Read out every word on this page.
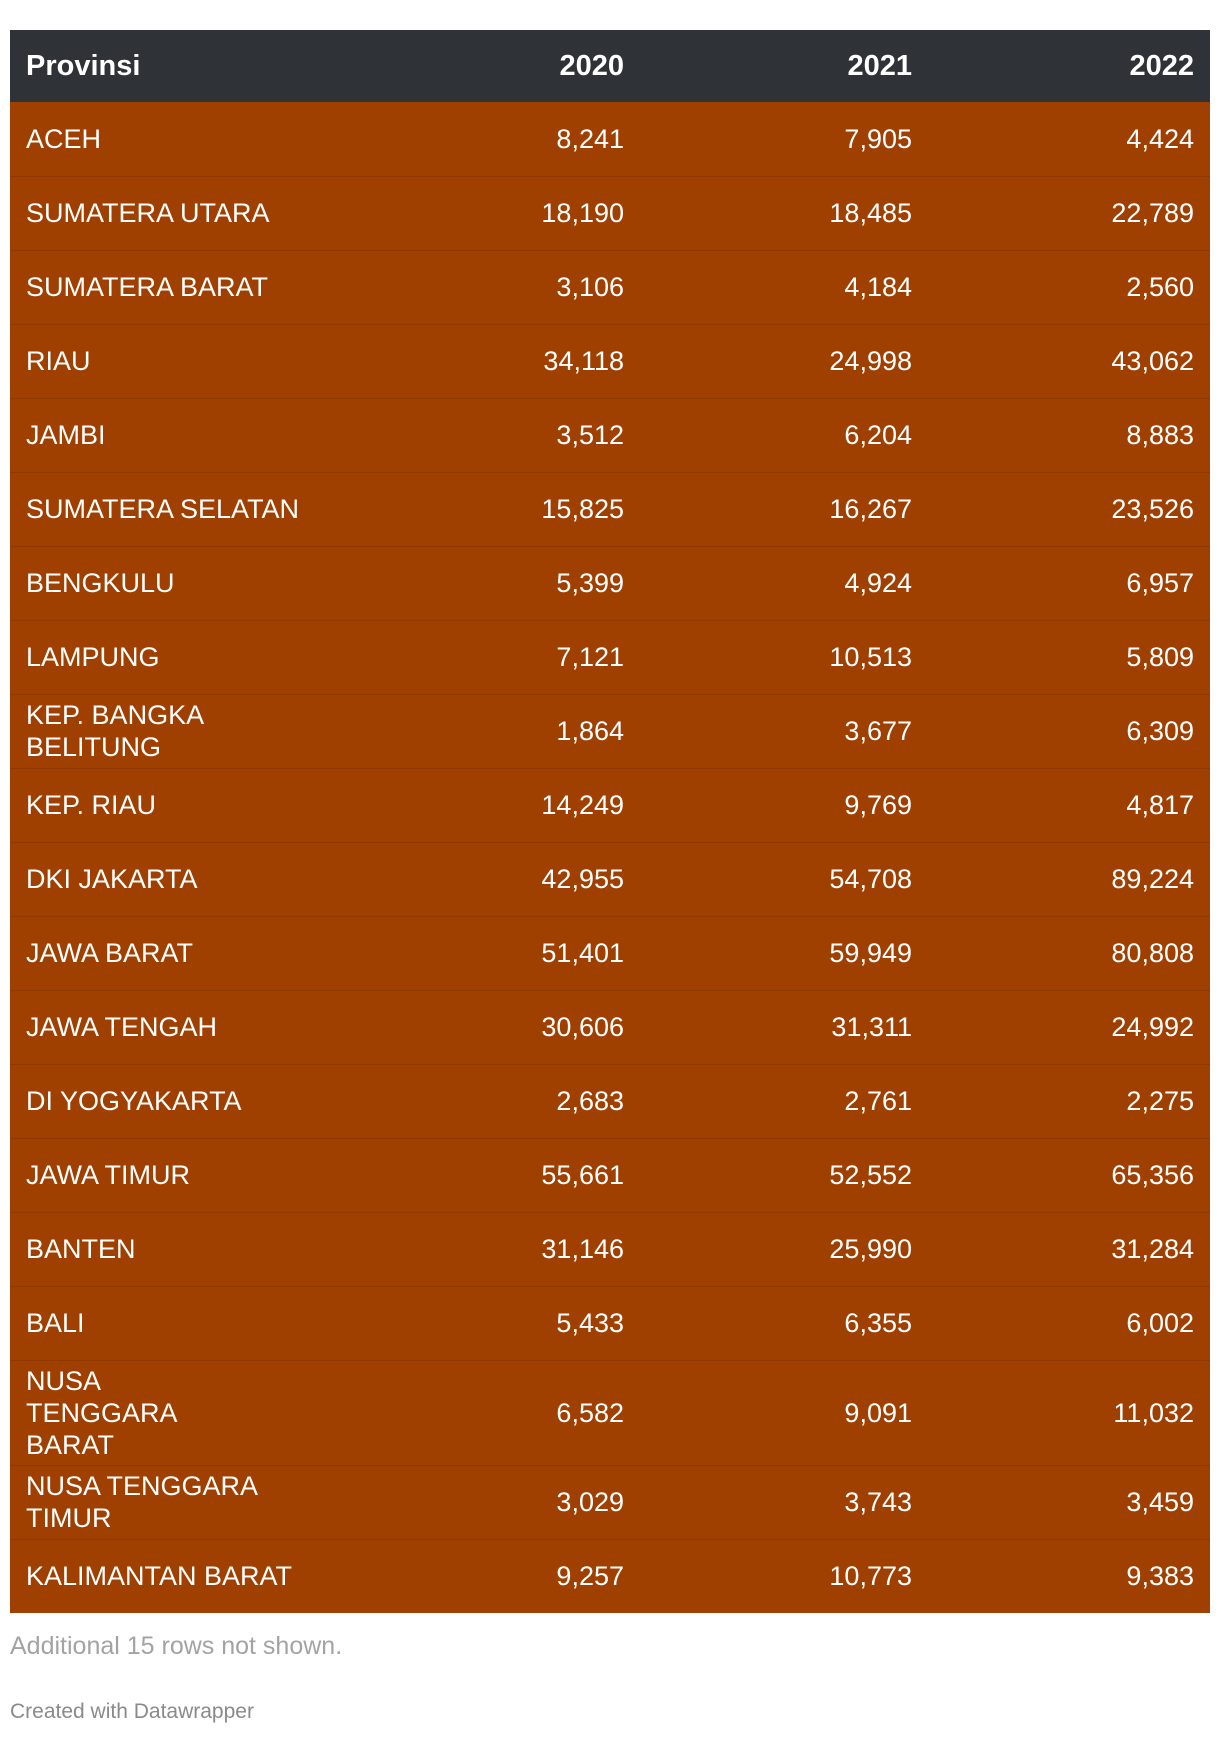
Provinsi	2020	2021	2022
ACEH	8,241	7,905	4,424
SUMATERA UTARA	18,190	18,485	22,789
SUMATERA BARAT	3,106	4,184	2,560
RIAU	34,118	24,998	43,062
JAMBI	3,512	6,204	8,883
SUMATERA SELATAN	15,825	16,267	23,526
BENGKULU	5,399	4,924	6,957
LAMPUNG	7,121	10,513	5,809
KEP. BANGKA BELITUNG	1,864	3,677	6,309
KEP. RIAU	14,249	9,769	4,817
DKI JAKARTA	42,955	54,708	89,224
JAWA BARAT	51,401	59,949	80,808
JAWA TENGAH	30,606	31,311	24,992
DI YOGYAKARTA	2,683	2,761	2,275
JAWA TIMUR	55,661	52,552	65,356
BANTEN	31,146	25,990	31,284
BALI	5,433	6,355	6,002
NUSA TENGGARA BARAT	6,582	9,091	11,032
NUSA TENGGARA TIMUR	3,029	3,743	3,459
KALIMANTAN BARAT	9,257	10,773	9,383
Additional 15 rows not shown.
Created with Datawrapper
